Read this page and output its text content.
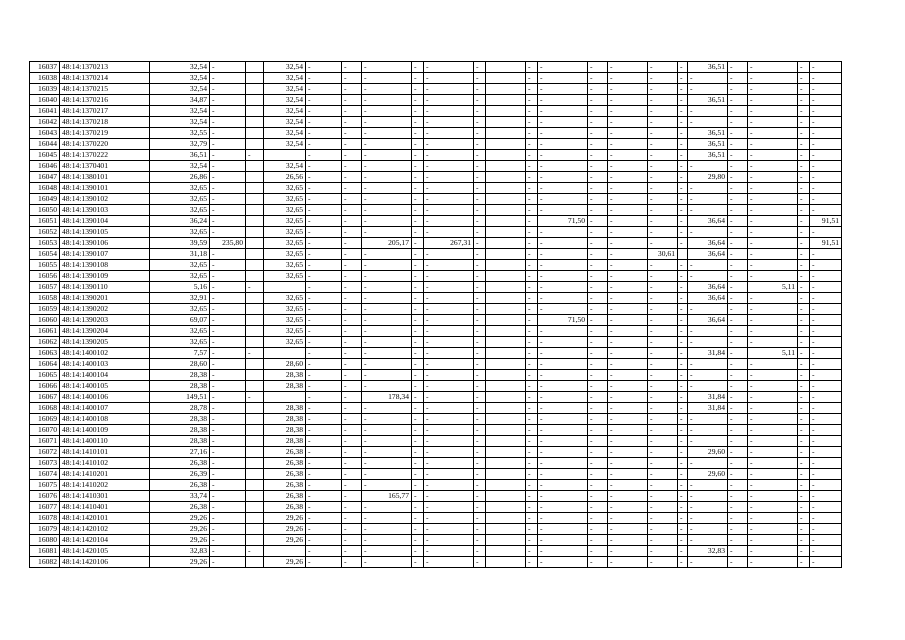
16037	48:14:1370213	32,54	-		32,54	-	-	-	-	-	-		-	-	-	-	-	-	36,51	-	-	-	-
16038	48:14:1370214	32,54	-		32,54	-	-	-	-	-	-		-	-	-	-	-	-	-	-	-	-	-
16039	48:14:1370215	32,54	-		32,54	-	-	-	-	-	-		-	-	-	-	-	-	-	-	-	-	-
16040	48:14:1370216	34,87	-		32,54	-	-	-	-	-	-		-	-	-	-	-	-	36,51	-	-	-	-
16041	48:14:1370217	32,54	-		32,54	-	-	-	-	-	-		-	-	-	-	-	-	-	-	-	-	-
16042	48:14:1370218	32,54	-		32,54	-	-	-	-	-	-		-	-	-	-	-	-	-	-	-	-	-
16043	48:14:1370219	32,55	-		32,54	-	-	-	-	-	-		-	-	-	-	-	-	36,51	-	-	-	-
16044	48:14:1370220	32,79	-		32,54	-	-	-	-	-	-		-	-	-	-	-	-	36,51	-	-	-	-
16045	48:14:1370222	36,51	-	-		-	-	-	-	-	-		-	-	-	-	-	-	36,51	-	-	-	-
16046	48:14:1370401	32,54	-		32,54	-	-	-	-	-	-		-	-	-	-	-	-	-	-	-	-	-
16047	48:14:1380101	26,86	-		26,56	-	-	-	-	-	-		-	-	-	-	-	-	29,80	-	-	-	-
16048	48:14:1390101	32,65	-		32,65	-	-	-	-	-	-		-	-	-	-	-	-	-	-	-	-	-
16049	48:14:1390102	32,65	-		32,65	-	-	-	-	-	-		-	-	-	-	-	-	-	-	-	-	-
16050	48:14:1390103	32,65	-		32,65	-	-	-	-	-	-		-	-	-	-	-	-	-	-	-	-	-
16051	48:14:1390104	36,24	-		32,65	-	-	-	-	-	-		-	71,50	-	-	-	-	36,64	-	-	-	91,51
16052	48:14:1390105	32,65	-		32,65	-	-	-	-	-	-		-	-	-	-	-	-	-	-	-	-	-
16053	48:14:1390106	39,59	235,80		32,65	-	-	205,17	-	267,31	-		-	-	-	-	-	-	36,64	-	-	-	91,51
16054	48:14:1390107	31,18	-		32,65	-	-	-	-	-	-		-	-	-	-	30,61		36,64	-	-	-	-
16055	48:14:1390108	32,65	-		32,65	-	-	-	-	-	-		-	-	-	-	-	-	-	-	-	-	-
16056	48:14:1390109	32,65	-		32,65	-	-	-	-	-	-		-	-	-	-	-	-	-	-	-	-	-
16057	48:14:1390110	5,16	-	-		-	-	-	-	-	-		-	-	-	-	-	-	36,64	-	5,11	-	-
16058	48:14:1390201	32,91	-		32,65	-	-	-	-	-	-		-	-	-	-	-	-	36,64	-	-	-	-
16059	48:14:1390202	32,65	-		32,65	-	-	-	-	-	-		-	-	-	-	-	-	-	-	-	-	-
16060	48:14:1390203	69,07	-		32,65	-	-	-	-	-	-		-	71,50	-	-	-	-	36,64	-	-	-	-
16061	48:14:1390204	32,65	-		32,65	-	-	-	-	-	-		-	-	-	-	-	-	-	-	-	-	-
16062	48:14:1390205	32,65	-		32,65	-	-	-	-	-	-		-	-	-	-	-	-	-	-	-	-	-
16063	48:14:1400102	7,57	-	-		-	-	-	-	-	-		-	-	-	-	-	-	31,84	-	5,11	-	-
16064	48:14:1400103	28,60	-		28,60	-	-	-	-	-	-		-	-	-	-	-	-	-	-	-	-	-
16065	48:14:1400104	28,38	-		28,38	-	-	-	-	-	-		-	-	-	-	-	-	-	-	-	-	-
16066	48:14:1400105	28,38	-		28,38	-	-	-	-	-	-		-	-	-	-	-	-	-	-	-	-	-
16067	48:14:1400106	149,51	-	-		-	-	178,34	-	-	-		-	-	-	-	-	-	31,84	-	-	-	-
16068	48:14:1400107	28,78	-		28,38	-	-	-	-	-	-		-	-	-	-	-	-	31,84	-	-	-	-
16069	48:14:1400108	28,38	-		28,38	-	-	-	-	-	-		-	-	-	-	-	-	-	-	-	-	-
16070	48:14:1400109	28,38	-		28,38	-	-	-	-	-	-		-	-	-	-	-	-	-	-	-	-	-
16071	48:14:1400110	28,38	-		28,38	-	-	-	-	-	-		-	-	-	-	-	-	-	-	-	-	-
16072	48:14:1410101	27,16	-		26,38	-	-	-	-	-	-		-	-	-	-	-	-	29,60	-	-	-	-
16073	48:14:1410102	26,38	-		26,38	-	-	-	-	-	-		-	-	-	-	-	-	-	-	-	-	-
16074	48:14:1410201	26,39	-		26,38	-	-	-	-	-	-		-	-	-	-	-	-	29,60	-	-	-	-
16075	48:14:1410202	26,38	-		26,38	-	-	-	-	-	-		-	-	-	-	-	-	-	-	-	-	-
16076	48:14:1410301	33,74	-		26,38	-	-	165,77	-	-	-		-	-	-	-	-	-	-	-	-	-	-
16077	48:14:1410401	26,38	-		26,38	-	-	-	-	-	-		-	-	-	-	-	-	-	-	-	-	-
16078	48:14:1420101	29,26	-		29,26	-	-	-	-	-	-		-	-	-	-	-	-	-	-	-	-	-
16079	48:14:1420102	29,26	-		29,26	-	-	-	-	-	-		-	-	-	-	-	-	-	-	-	-	-
16080	48:14:1420104	29,26	-		29,26	-	-	-	-	-	-		-	-	-	-	-	-	-	-	-	-	-
16081	48:14:1420105	32,83	-	-		-	-	-	-	-	-		-	-	-	-	-	-	32,83	-	-	-	-
16082	48:14:1420106	29,26	-		29,26	-	-	-	-	-	-		-	-	-	-	-	-	-	-	-	-	-
